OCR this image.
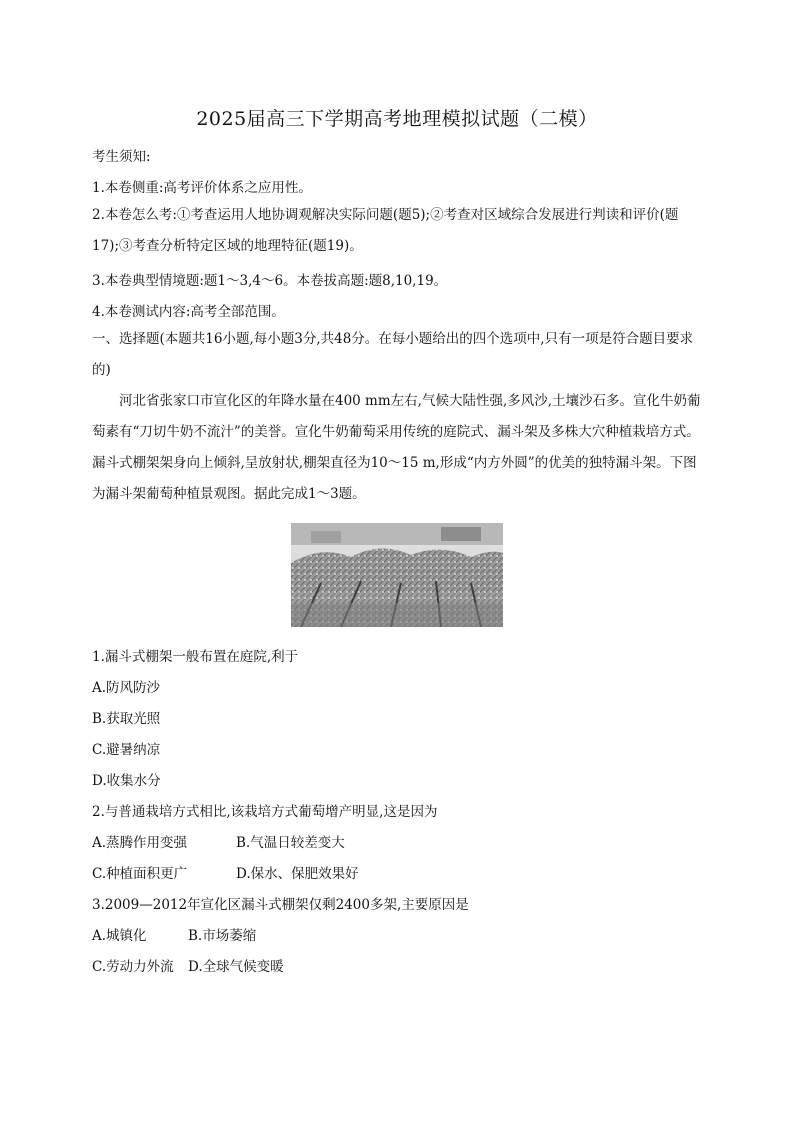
2025届高三下学期高考地理模拟试题（二模）
考生须知:
1.本卷侧重:高考评价体系之应用性。
2.本卷怎么考:①考查运用人地协调观解决实际问题(题5);②考查对区域综合发展进行判读和评价(题17);③考查分析特定区域的地理特征(题19)。
3.本卷典型情境题:题1～3,4～6。本卷拔高题:题8,10,19。
4.本卷测试内容:高考全部范围。
一、选择题(本题共16小题,每小题3分,共48分。在每小题给出的四个选项中,只有一项是符合题目要求的)
河北省张家口市宣化区的年降水量在400 mm左右,气候大陆性强,多风沙,土壤沙石多。宣化牛奶葡萄素有“刀切牛奶不流汁”的美誉。宣化牛奶葡萄采用传统的庭院式、漏斗架及多株大穴种植栽培方式。漏斗式棚架架身向上倾斜,呈放射状,棚架直径为10～15 m,形成“内方外圆”的优美的独特漏斗架。下图为漏斗架葡萄种植景观图。据此完成1～3题。
1.漏斗式棚架一般布置在庭院,利于
A.防风防沙
B.获取光照
C.避暑纳凉
D.收集水分
2.与普通栽培方式相比,该栽培方式葡萄增产明显,这是因为
A.蒸腾作用变强	B.气温日较差变大
C.种植面积更广	D.保水、保肥效果好
3.2009—2012年宣化区漏斗式棚架仅剩2400多架,主要原因是
A.城镇化	B.市场萎缩
C.劳动力外流 D.全球气候变暖
